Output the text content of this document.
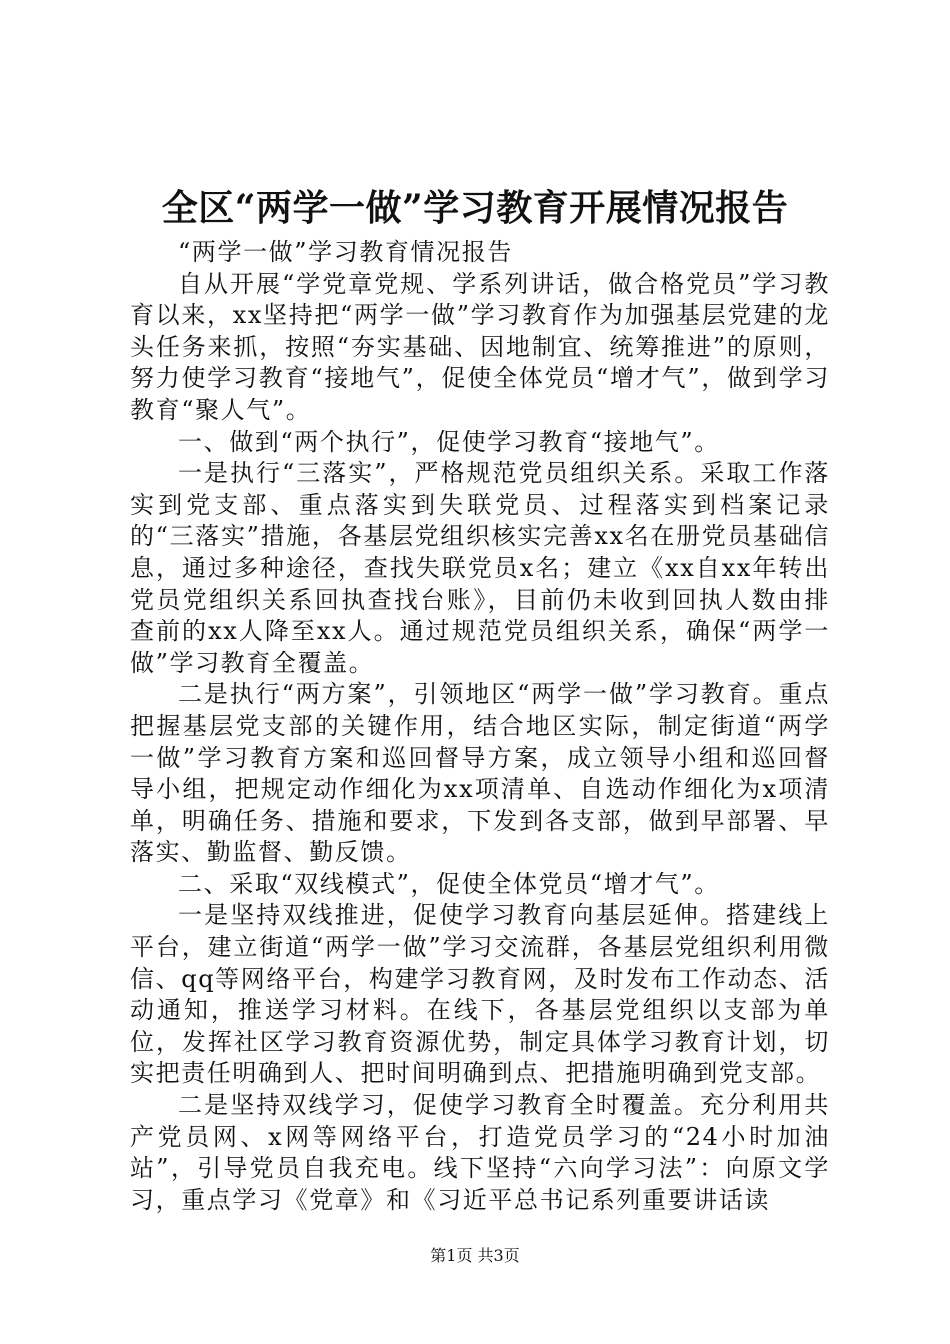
全区“两学一做”学习教育开展情况报告

“两学一做”学习教育情况报告

自从开展“学党章党规、学系列讲话，做合格党员”学习教育以来，xx坚持把“两学一做”学习教育作为加强基层党建的龙头任务来抓，按照“夯实基础、因地制宜、统筹推进”的原则，努力使学习教育“接地气”，促使全体党员“增才气”，做到学习教育“聚人气”。

一、做到“两个执行”，促使学习教育“接地气”。

一是执行“三落实”，严格规范党员组织关系。采取工作落实到党支部、重点落实到失联党员、过程落实到档案记录的“三落实”措施，各基层党组织核实完善xx名在册党员基础信息，通过多种途径，查找失联党员x名；建立《xx自xx年转出党员党组织关系回执查找台账》，目前仍未收到回执人数由排查前的xx人降至xx人。通过规范党员组织关系，确保“两学一做”学习教育全覆盖。

二是执行“两方案”，引领地区“两学一做”学习教育。重点把握基层党支部的关键作用，结合地区实际，制定街道“两学一做”学习教育方案和巡回督导方案，成立领导小组和巡回督导小组，把规定动作细化为xx项清单、自选动作细化为x项清单，明确任务、措施和要求，下发到各支部，做到早部署、早落实、勤监督、勤反馈。

二、采取“双线模式”，促使全体党员“增才气”。

一是坚持双线推进，促使学习教育向基层延伸。搭建线上平台，建立街道“两学一做”学习交流群，各基层党组织利用微信、qq等网络平台，构建学习教育网，及时发布工作动态、活动通知，推送学习材料。在线下，各基层党组织以支部为单位，发挥社区学习教育资源优势，制定具体学习教育计划，切实把责任明确到人、把时间明确到点、把措施明确到党支部。

二是坚持双线学习，促使学习教育全时覆盖。充分利用共产党员网、x网等网络平台，打造党员学习的“24小时加油站”，引导党员自我充电。线下坚持“六向学习法”：向原文学习，重点学习《党章》和《习近平总书记系列重要讲话读

第1页 共3页
